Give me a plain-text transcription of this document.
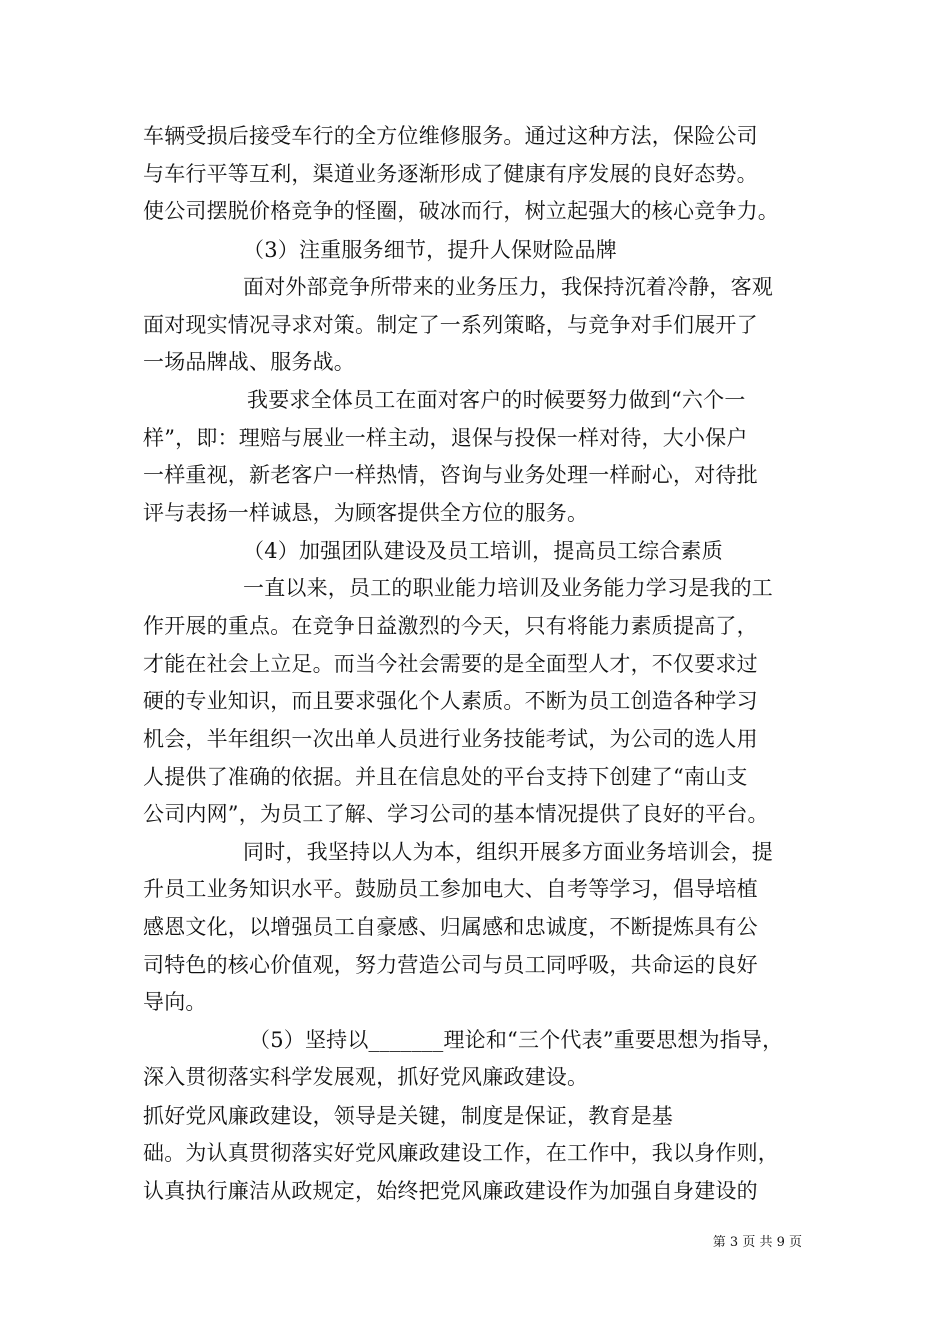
车辆受损后接受车行的全方位维修服务。通过这种方法，保险公司
与车行平等互利，渠道业务逐渐形成了健康有序发展的良好态势。
使公司摆脱价格竞争的怪圈，破冰而行，树立起强大的核心竞争力。
（3）注重服务细节，提升人保财险品牌
面对外部竞争所带来的业务压力，我保持沉着冷静，客观
面对现实情况寻求对策。制定了一系列策略，与竞争对手们展开了
一场品牌战、服务战。
我要求全体员工在面对客户的时候要努力做到“六个一
样”，即：理赔与展业一样主动，退保与投保一样对待，大小保户
一样重视，新老客户一样热情，咨询与业务处理一样耐心，对待批
评与表扬一样诚恳，为顾客提供全方位的服务。
（4）加强团队建设及员工培训，提高员工综合素质
一直以来，员工的职业能力培训及业务能力学习是我的工
作开展的重点。在竞争日益激烈的今天，只有将能力素质提高了，
才能在社会上立足。而当今社会需要的是全面型人才，不仅要求过
硬的专业知识，而且要求强化个人素质。不断为员工创造各种学习
机会，半年组织一次出单人员进行业务技能考试，为公司的选人用
人提供了准确的依据。并且在信息处的平台支持下创建了“南山支
公司内网”，为员工了解、学习公司的基本情况提供了良好的平台。
同时，我坚持以人为本，组织开展多方面业务培训会，提
升员工业务知识水平。鼓励员工参加电大、自考等学习，倡导培植
感恩文化，以增强员工自豪感、归属感和忠诚度，不断提炼具有公
司特色的核心价值观，努力营造公司与员工同呼吸，共命运的良好
导向。
（5）坚持以_______理论和“三个代表”重要思想为指导，
深入贯彻落实科学发展观，抓好党风廉政建设。
抓好党风廉政建设，领导是关键，制度是保证，教育是基
础。为认真贯彻落实好党风廉政建设工作，在工作中，我以身作则，
认真执行廉洁从政规定，始终把党风廉政建设作为加强自身建设的
第 3 页 共 9 页
